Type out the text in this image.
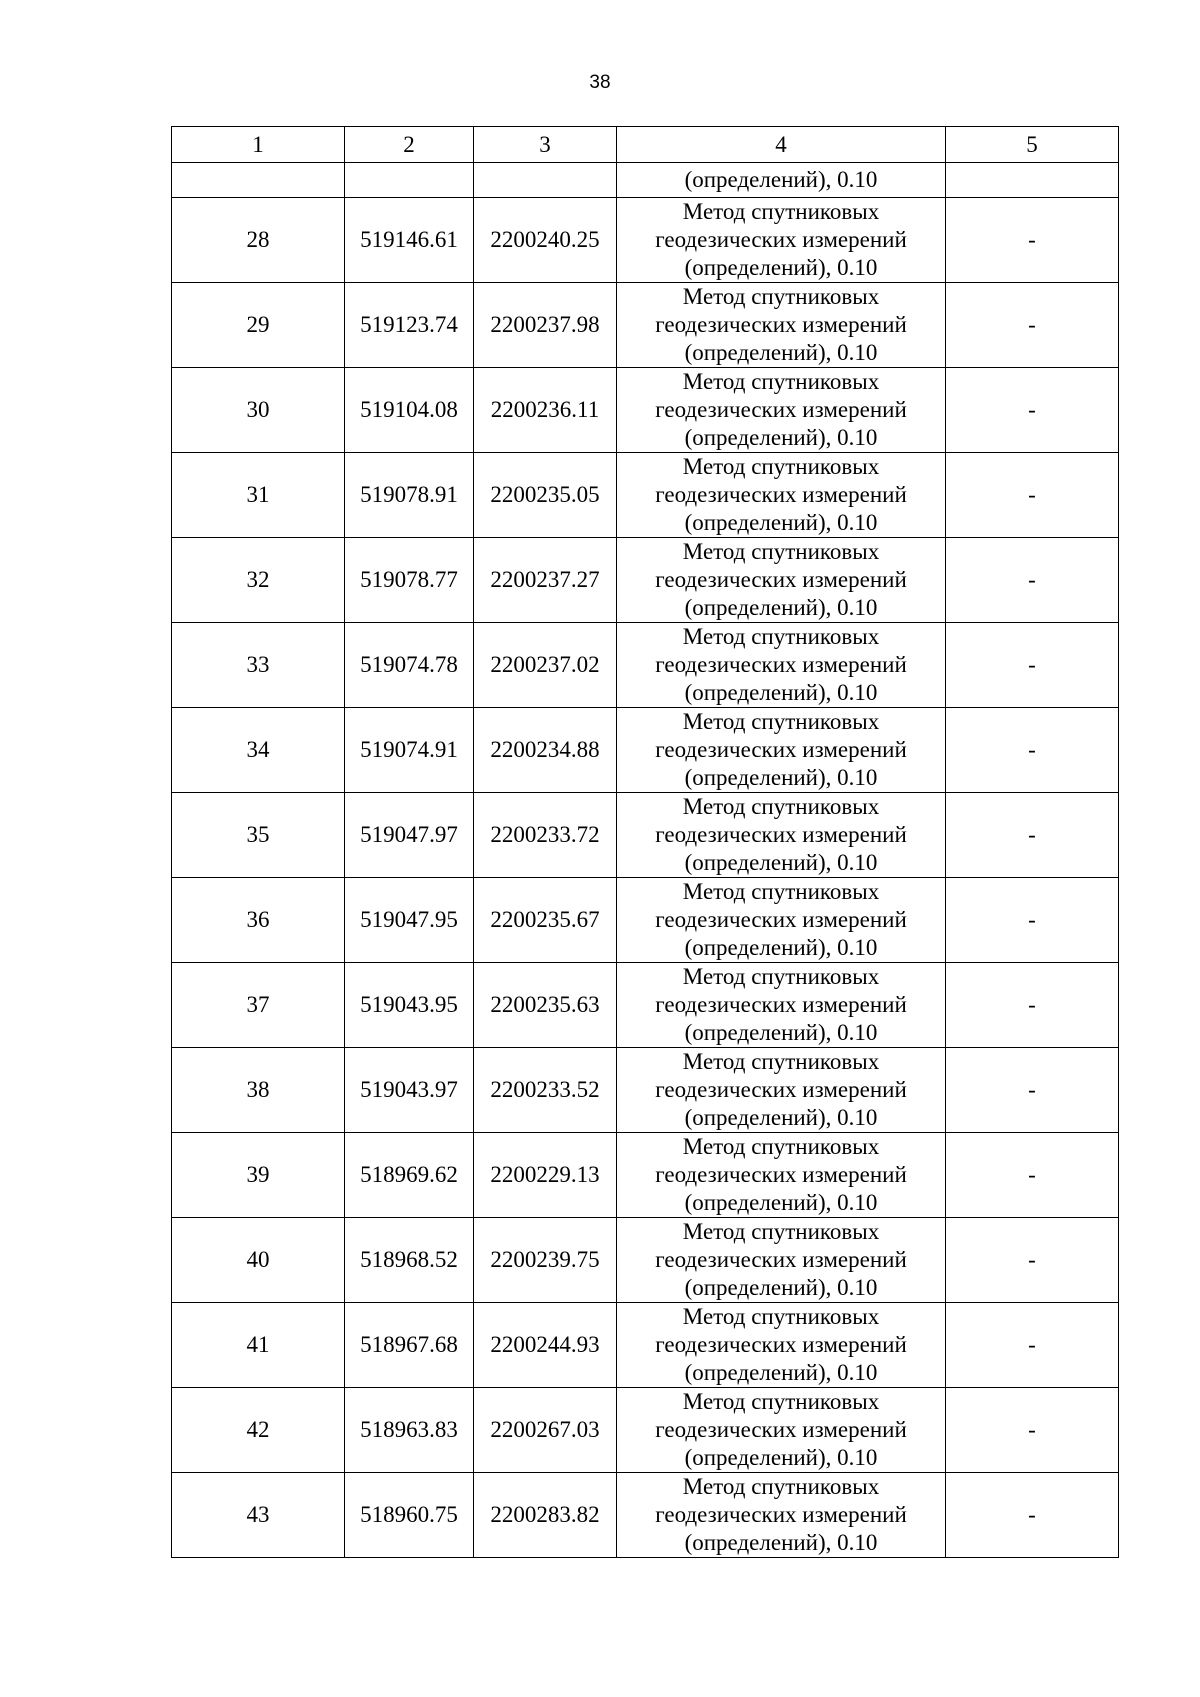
38
1	2	3	4	5
			(определений), 0.10	
28	519146.61	2200240.25	Метод спутниковых
геодезических измерений
(определений), 0.10	-
29	519123.74	2200237.98	Метод спутниковых
геодезических измерений
(определений), 0.10	-
30	519104.08	2200236.11	Метод спутниковых
геодезических измерений
(определений), 0.10	-
31	519078.91	2200235.05	Метод спутниковых
геодезических измерений
(определений), 0.10	-
32	519078.77	2200237.27	Метод спутниковых
геодезических измерений
(определений), 0.10	-
33	519074.78	2200237.02	Метод спутниковых
геодезических измерений
(определений), 0.10	-
34	519074.91	2200234.88	Метод спутниковых
геодезических измерений
(определений), 0.10	-
35	519047.97	2200233.72	Метод спутниковых
геодезических измерений
(определений), 0.10	-
36	519047.95	2200235.67	Метод спутниковых
геодезических измерений
(определений), 0.10	-
37	519043.95	2200235.63	Метод спутниковых
геодезических измерений
(определений), 0.10	-
38	519043.97	2200233.52	Метод спутниковых
геодезических измерений
(определений), 0.10	-
39	518969.62	2200229.13	Метод спутниковых
геодезических измерений
(определений), 0.10	-
40	518968.52	2200239.75	Метод спутниковых
геодезических измерений
(определений), 0.10	-
41	518967.68	2200244.93	Метод спутниковых
геодезических измерений
(определений), 0.10	-
42	518963.83	2200267.03	Метод спутниковых
геодезических измерений
(определений), 0.10	-
43	518960.75	2200283.82	Метод спутниковых
геодезических измерений
(определений), 0.10	-
